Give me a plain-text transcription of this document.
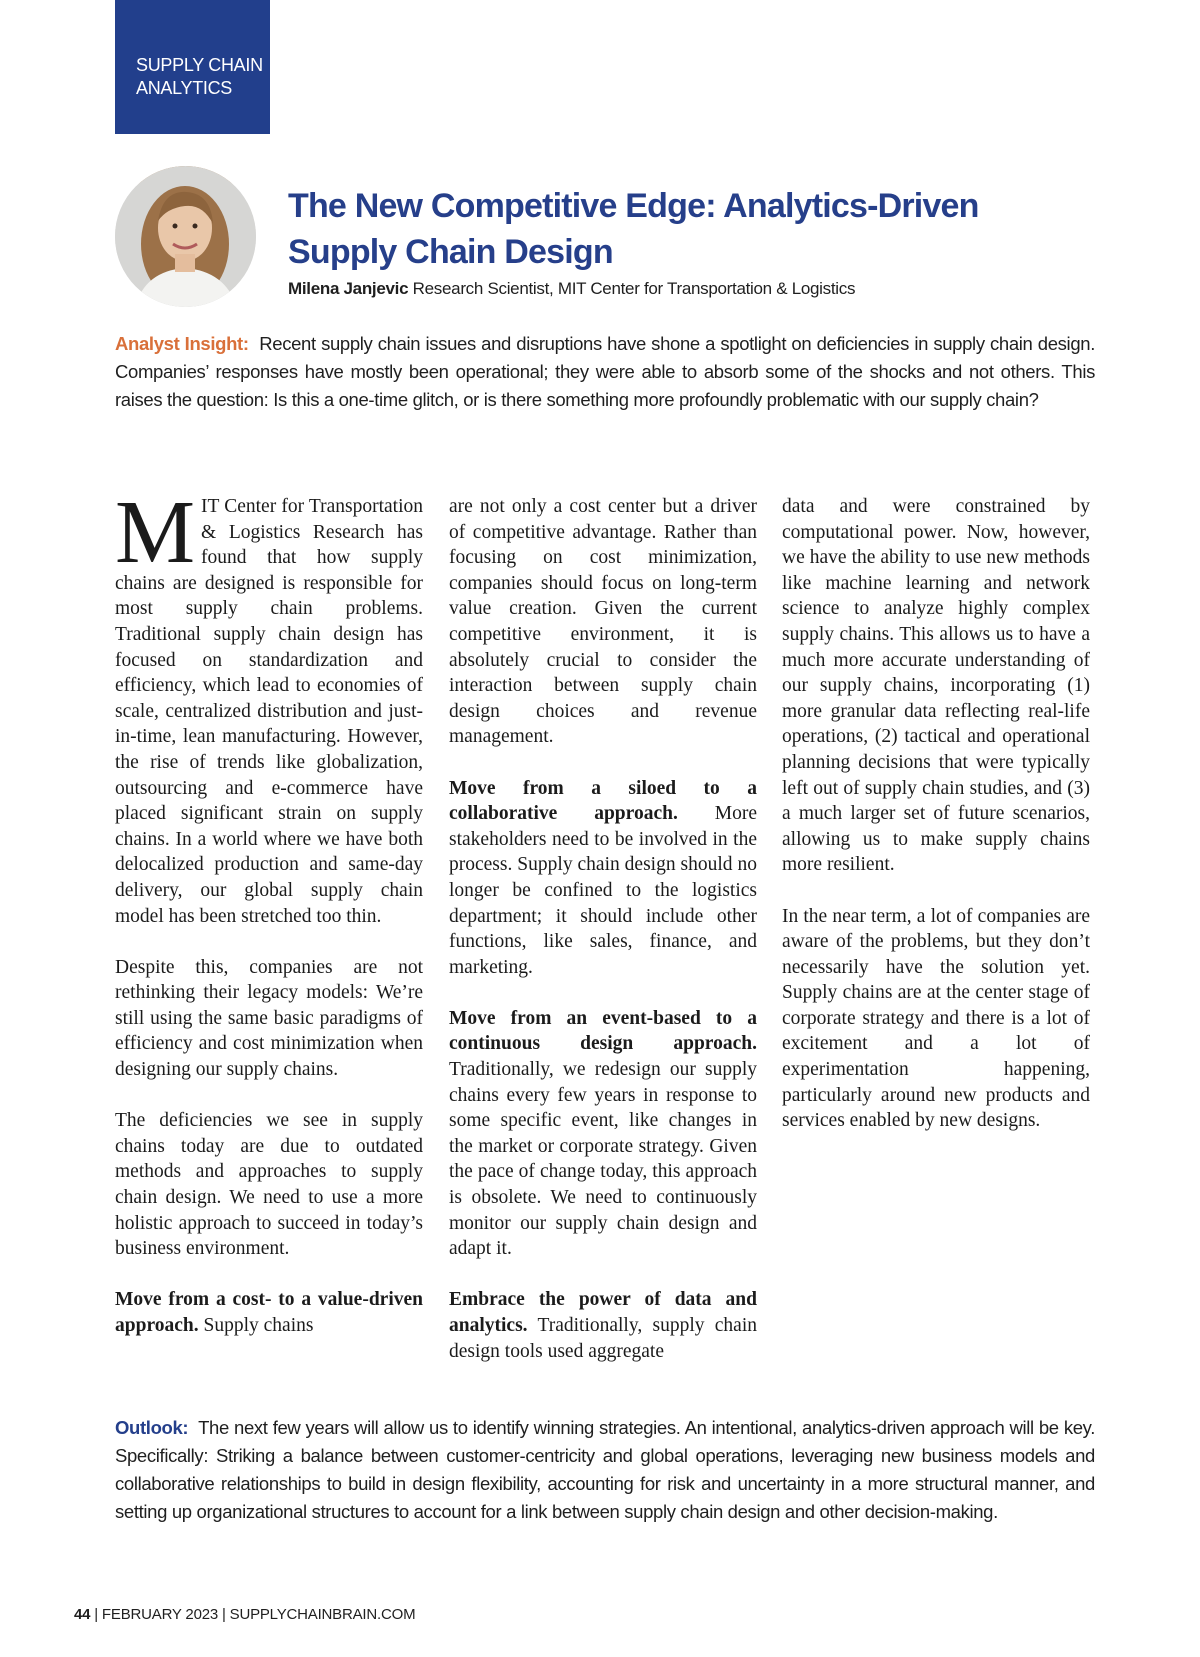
SUPPLY CHAIN
ANALYTICS
The New Competitive Edge: Analytics-Driven Supply Chain Design
Milena Janjevic Research Scientist, MIT Center for Transportation & Logistics
Analyst Insight: Recent supply chain issues and disruptions have shone a spotlight on deficiencies in supply chain design. Companies’ responses have mostly been operational; they were able to absorb some of the shocks and not others. This raises the question: Is this a one-time glitch, or is there something more profoundly problematic with our supply chain?

MIT Center for Transportation & Logistics Research has found that how supply chains are designed is responsible for most supply chain problems. Traditional supply chain design has focused on standardization and efficiency, which lead to economies of scale, centralized distribution and just-in-time, lean manufacturing. However, the rise of trends like globalization, outsourcing and e-commerce have placed significant strain on supply chains. In a world where we have both delocalized production and same-day delivery, our global supply chain model has been stretched too thin.

Despite this, companies are not rethinking their legacy models: We’re still using the same basic paradigms of efficiency and cost minimization when designing our supply chains.

The deficiencies we see in supply chains today are due to outdated methods and approaches to supply chain design. We need to use a more holistic approach to succeed in today’s business environment.

Move from a cost- to a value-driven approach. Supply chains

are not only a cost center but a driver of competitive advantage. Rather than focusing on cost minimization, companies should focus on long-term value creation. Given the current competitive environment, it is absolutely crucial to consider the interaction between supply chain design choices and revenue management.

Move from a siloed to a collaborative approach. More stakeholders need to be involved in the process. Supply chain design should no longer be confined to the logistics department; it should include other functions, like sales, finance, and marketing.

Move from an event-based to a continuous design approach. Traditionally, we redesign our supply chains every few years in response to some specific event, like changes in the market or corporate strategy. Given the pace of change today, this approach is obsolete. We need to continuously monitor our supply chain design and adapt it.

Embrace the power of data and analytics. Traditionally, supply chain design tools used aggregate

data and were constrained by computational power. Now, however, we have the ability to use new methods like machine learning and network science to analyze highly complex supply chains. This allows us to have a much more accurate understanding of our supply chains, incorporating (1) more granular data reflecting real-life operations, (2) tactical and operational planning decisions that were typically left out of supply chain studies, and (3) a much larger set of future scenarios, allowing us to make supply chains more resilient.

In the near term, a lot of companies are aware of the problems, but they don’t necessarily have the solution yet. Supply chains are at the center stage of corporate strategy and there is a lot of excitement and a lot of experimentation happening, particularly around new products and services enabled by new designs.

Outlook: The next few years will allow us to identify winning strategies. An intentional, analytics-driven approach will be key. Specifically: Striking a balance between customer-centricity and global operations, leveraging new business models and collaborative relationships to build in design flexibility, accounting for risk and uncertainty in a more structural manner, and setting up organizational structures to account for a link between supply chain design and other decision-making.
44 | FEBRUARY 2023 | SUPPLYCHAINBRAIN.COM
